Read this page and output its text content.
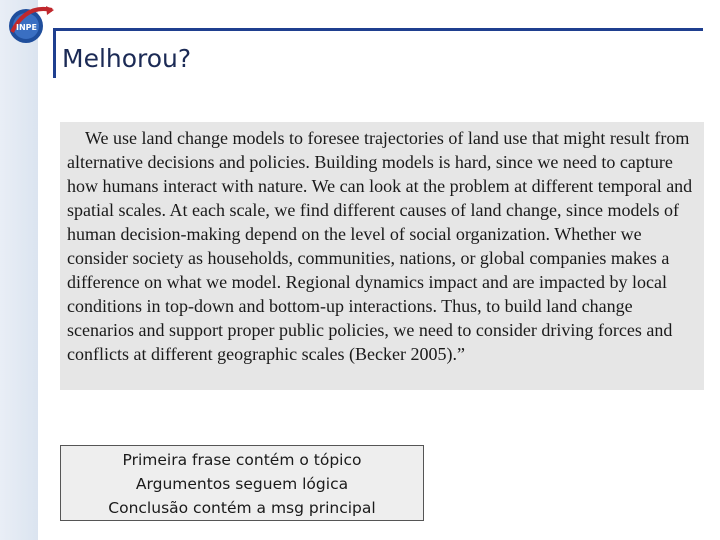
INPE
Melhorou?
We use land change models to foresee trajectories of land use that might result from alternative decisions and policies. Building models is hard, since we need to capture how humans interact with nature. We can look at the problem at different temporal and spatial scales. At each scale, we find different causes of land change, since models of human decision-making depend on the level of social organization. Whether we consider society as households, communities, nations, or global companies makes a difference on what we model. Regional dynamics impact and are impacted by local conditions in top-down and bottom-up interactions. Thus, to build land change scenarios and support proper public policies, we need to consider driving forces and conflicts at different geographic scales (Becker 2005).”
Primeira frase contém o tópico
Argumentos seguem lógica
Conclusão contém a msg principal
